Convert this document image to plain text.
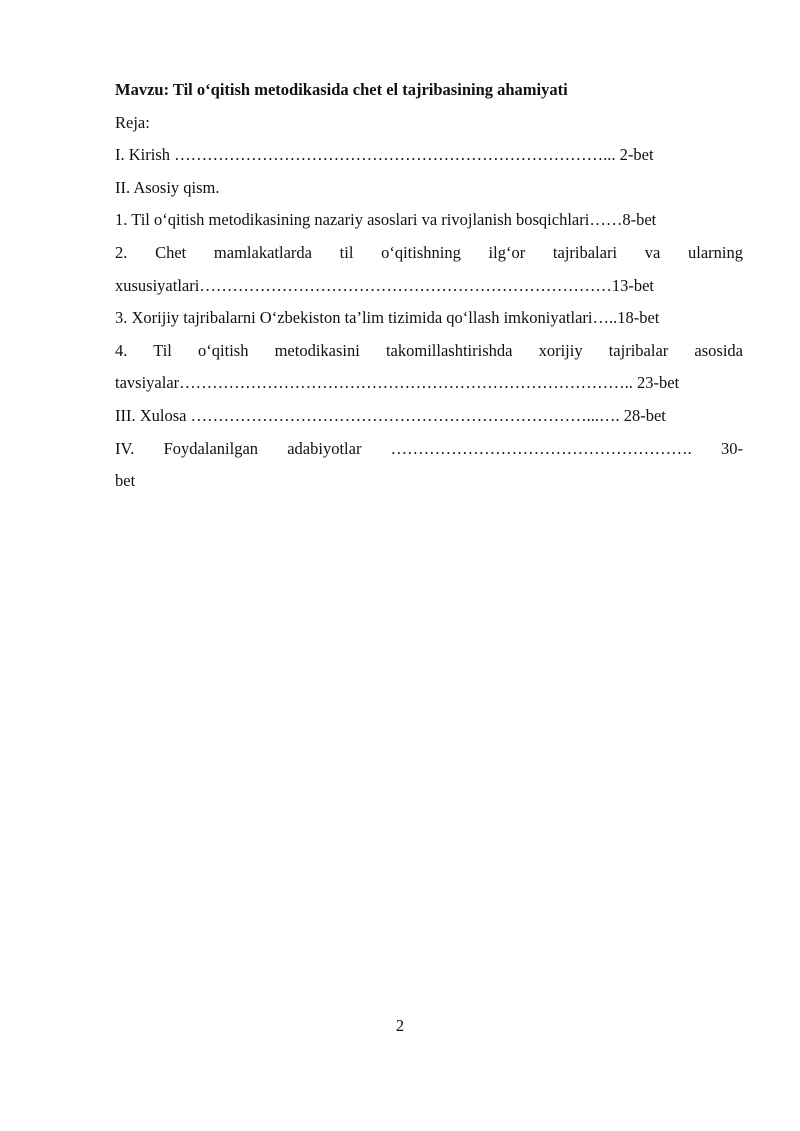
Mavzu: Til o‘qitish metodikasida chet el tajribasining ahamiyati
Reja:
I. Kirish ……………………………………………………………………... 2-bet
II. Asosiy qism.
1. Til o‘qitish metodikasining nazariy asoslari va rivojlanish bosqichlari……8-bet
2. Chet mamlakatlarda til o‘qitishning ilg‘or tajribalari va ularning
xususiyatlari…………………………………………………………………13-bet
3. Xorijiy tajribalarni O‘zbekiston ta’lim tizimida qo‘llash imkoniyatlari…..18-bet
4. Til o‘qitish metodikasini takomillashtirishda xorijiy tajribalar asosida
tavsiyalar……………………………………………………………………….. 23-bet
III. Xulosa ………………………………………………………………...…. 28-bet
IV. Foydalanilgan adabiyotlar ………………………………………………. 30-
bet
2
